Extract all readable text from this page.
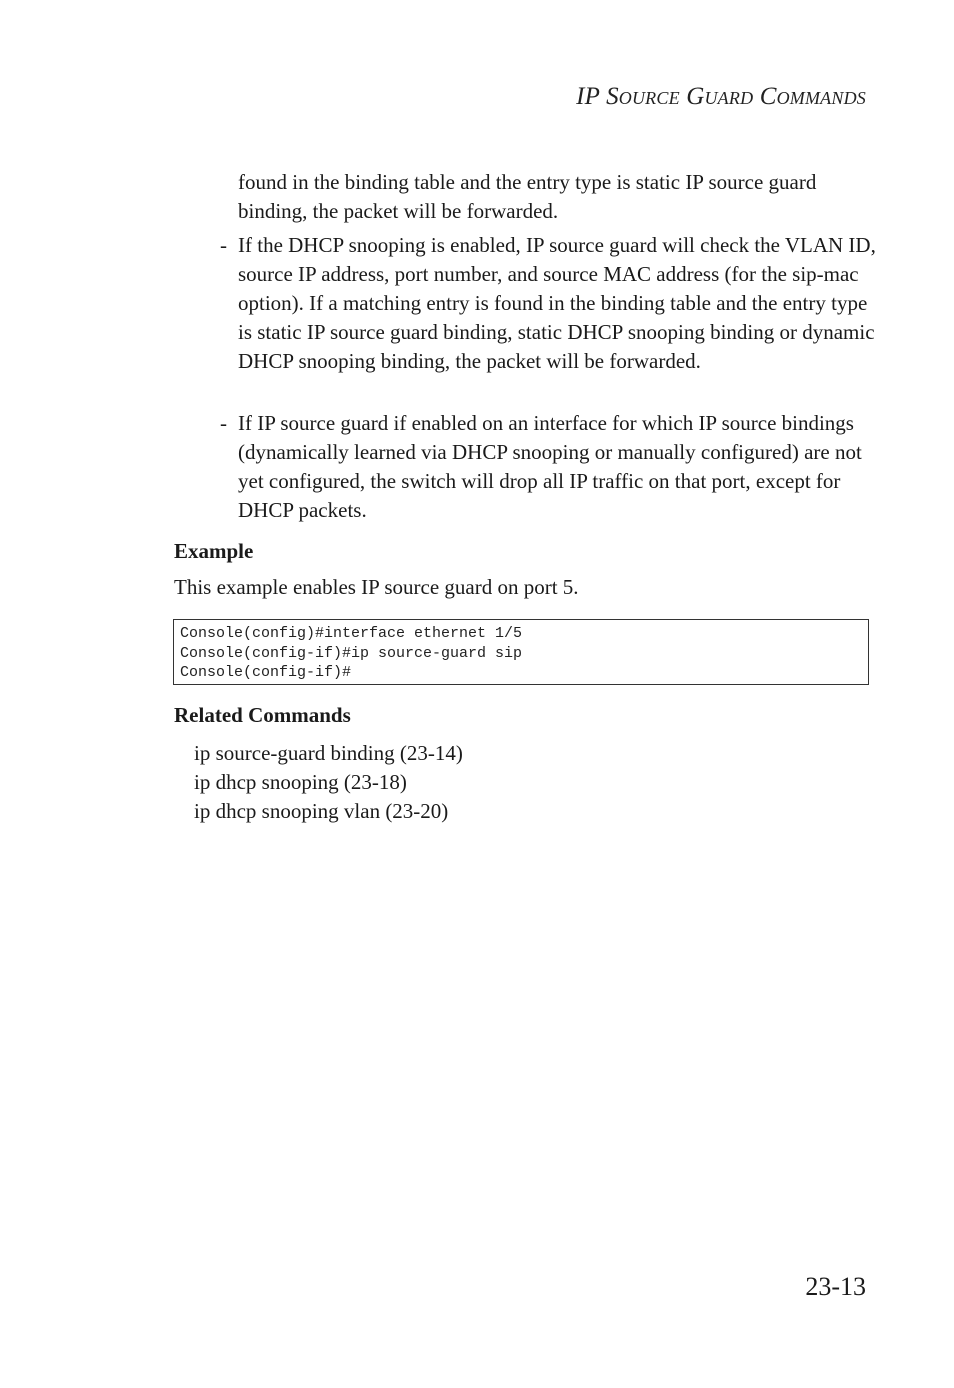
IP Source Guard Commands
found in the binding table and the entry type is static IP source guard binding, the packet will be forwarded.
- If the DHCP snooping is enabled, IP source guard will check the VLAN ID, source IP address, port number, and source MAC address (for the sip-mac option). If a matching entry is found in the binding table and the entry type is static IP source guard binding, static DHCP snooping binding or dynamic DHCP snooping binding, the packet will be forwarded.
- If IP source guard if enabled on an interface for which IP source bindings (dynamically learned via DHCP snooping or manually configured) are not yet configured, the switch will drop all IP traffic on that port, except for DHCP packets.
Example
This example enables IP source guard on port 5.
Console(config)#interface ethernet 1/5
Console(config-if)#ip source-guard sip
Console(config-if)#
Related Commands
ip source-guard binding (23-14)
ip dhcp snooping (23-18)
ip dhcp snooping vlan (23-20)
23-13
